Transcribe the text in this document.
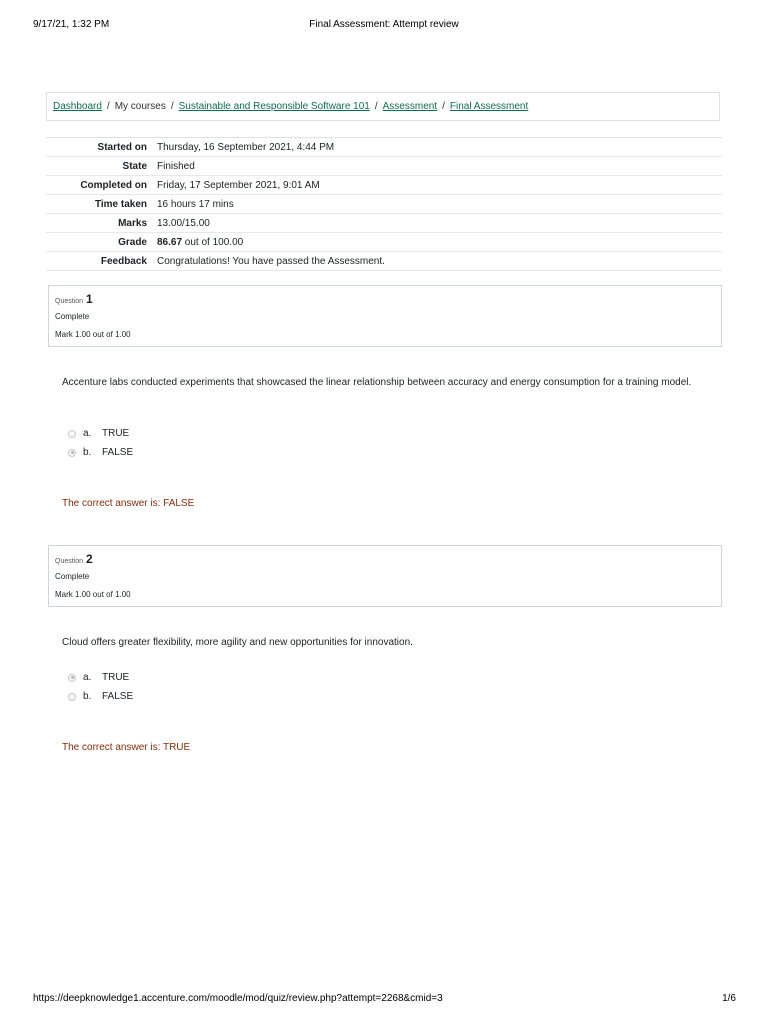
9/17/21, 1:32 PM	Final Assessment: Attempt review
Dashboard / My courses / Sustainable and Responsible Software 101 / Assessment / Final Assessment
Started on	Thursday, 16 September 2021, 4:44 PM
State	Finished
Completed on	Friday, 17 September 2021, 9:01 AM
Time taken	16 hours 17 mins
Marks	13.00/15.00
Grade	86.67 out of 100.00
Feedback	Congratulations! You have passed the Assessment.
Question 1
Complete
Mark 1.00 out of 1.00
Accenture labs conducted experiments that showcased the linear relationship between accuracy and energy consumption for a training model.
a.	TRUE
b.	FALSE
The correct answer is: FALSE
Question 2
Complete
Mark 1.00 out of 1.00
Cloud offers greater flexibility, more agility and new opportunities for innovation.
a.	TRUE
b.	FALSE
The correct answer is: TRUE
https://deepknowledge1.accenture.com/moodle/mod/quiz/review.php?attempt=2268&cmid=3	1/6
